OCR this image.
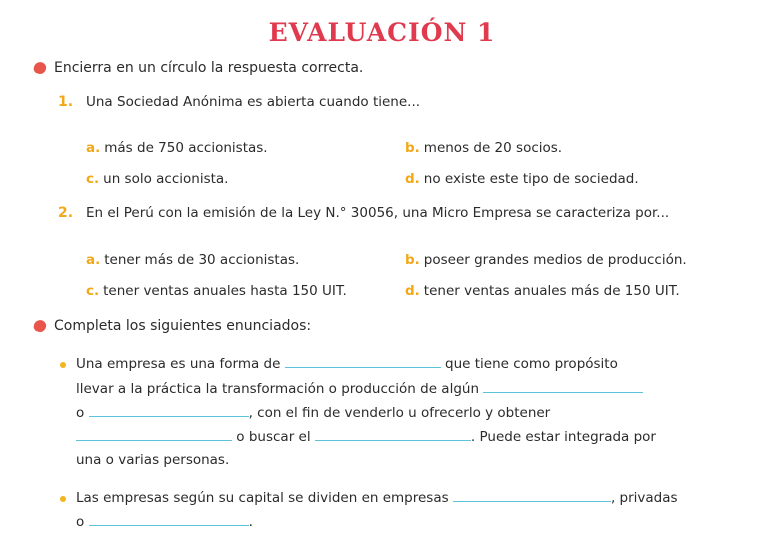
EVALUACIÓN 1
Encierra en un círculo la respuesta correcta.
1. Una Sociedad Anónima es abierta cuando tiene...
a. más de 750 accionistas.	b. menos de 20 socios.
c. un solo accionista.	d. no existe este tipo de sociedad.
2. En el Perú con la emisión de la Ley N.° 30056, una Micro Empresa se caracteriza por...
a. tener más de 30 accionistas.	b. poseer grandes medios de producción.
c. tener ventas anuales hasta 150 UIT.	d. tener ventas anuales más de 150 UIT.
Completa los siguientes enunciados:
Una empresa es una forma de	que tiene como propósito
llevar a la práctica la transformación o producción de algún
o	, con el fin de venderlo u ofrecerlo y obtener
o buscar el	. Puede estar integrada por
una o varias personas.
Las empresas según su capital se dividen en empresas	, privadas
o	.
